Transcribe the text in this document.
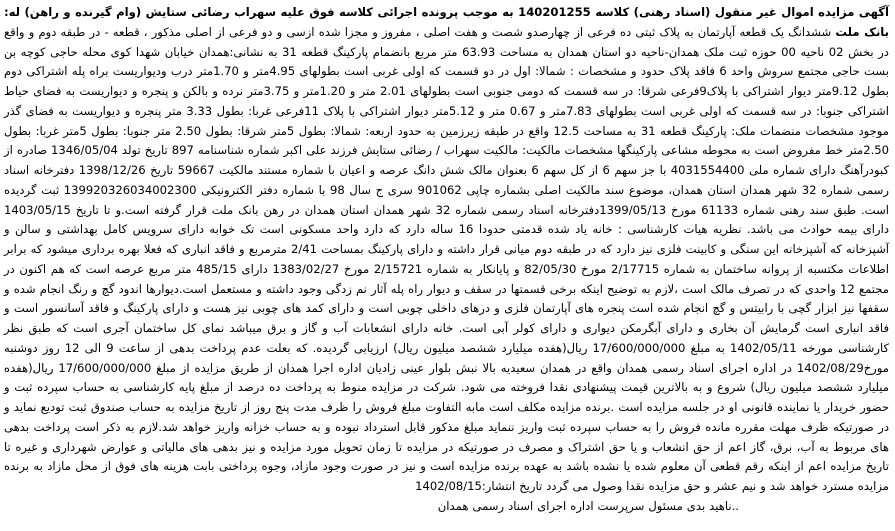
آگهی مزایده اموال غیر منقول (اسناد رهنی) کلاسه 140201255 به موجب پرونده اجرائی کلاسه فوق علیه سهراب رضائی ستایش (وام گیرنده و راهن) له: بانک ملت ششدانگ یک قطعه آپارتمان به پلاک ثبتی ده فرعی از چهارصدو شصت و هفت اصلی ، مفروز و مجزا شده ازسی و دو فرعی از اصلی مذکور ، قطعه - در طبقه دوم و واقع در بخش 02 ناحیه 00 حوزه ثبت ملک همدان-ناحیه دو استان همدان به مساحت 63.93 متر مربع بانضمام پارکینگ قطعه 31 به نشانی:همدان خیابان شهدا کوی محله حاجی کوچه بن بست حاجی مجتمع سروش واحد 6 فاقد پلاک حدود و مشخصات : شمالا: اول در دو قسمت که اولی غربی است بطولهای 4.95متر و 1.70متر درب ودیواریست براه پله اشتراکی دوم بطول 9.12متر دیوار اشتراکی با پلاک9فرعی شرقا: در سه قسمت که دومی جنوبی است بطولهای 2.01 متر و 1.20متر و 3.75متر نرده و بالکن و پنجره و دیواریست به فضای حیاط اشتراکی جنوبا: در سه قسمت که اولی غربی است بطولهای 7.83متر و 0.67 متر و 5.12متر دیوار اشتراکی با پلاک 11فرعی غربا: بطول 3.33 متر پنجره و دیواریست به فضای گذر موجود مشخصات منضمات ملک: پارکینگ قطعه 31 به مساحت 12.5 واقع در طبقه زیرزمین به حدود اربعه: شمالا: بطول 5متر شرقا: بطول 2.50 متر جنوبا: بطول 5متر غربا: بطول 2.50متر خط مفروض است به محوطه مشاعی پارکینگها مشخصات مالکیت: مالکیت سهراب / رضائی ستایش فرزند علی اکبر شماره شناسنامه 897 تاریخ تولد 1346/05/04 صادره از کبودرآهنگ دارای شماره ملی 4031554400 با جز سهم 6 از کل سهم 6 بعنوان مالک شش دانگ عرصه و اعیان با شماره مستند مالکیت 59667 تاریخ 1398/12/26 دفترخانه اسناد رسمی شماره 32 شهر همدان استان همدان، موضوع سند مالکیت اصلی بشماره چاپی 901062 سری ج سال 98 با شماره دفتر الکترونیکی 139920326034002300 ثبت گردیده است. طبق سند رهنی شماره 61133 مورخ 1399/05/13دفترخانه اسناد رسمی شماره 32 شهر همدان استان همدان در رهن بانک ملت قرار گرفته است.و تا تاریخ 1403/05/15 دارای بیمه حوادث می باشد. نظریه هیات کارشناسی : خانه یاد شده قدمتی حدودا 16 ساله دارد که دارد واحد مسکونی است تک خوابه دارای سرویس کامل بهداشتی و سالن و آشپزخانه که آشپزخانه این سنگی و کابینت فلزی نیز دارد که در طبقه دوم میانی قرار داشته و دارای پارکینگ بمساحت 2/41 مترمربع و فاقد انباری که فعلا بهره برداری میشود که برابر اطلاعات مکتسبه از پروانه ساختمان به شماره 2/17715 مورخ 82/05/30 و پایانکار به شماره 2/15721 مورخ 1383/02/27 دارای 485/15 متر مربع عرصه است که هم اکنون در مجتمع 12 واحدی که در تصرف مالک است ،لازم به توضیح اینکه برخی قسمتها در سقف و دیوار راه پله آثار نم زدگی وجود داشته و مستعمل است.دیوارها اندود گچ و رنگ انجام شده و سقفها نیز ابزار گچی با رابیتس و گچ انجام شده است پنجره های آپارتمان فلزی و درهای داخلی چوبی است و دارای کمد های چوبی نیز هست و دارای پارکینگ و فاقد آسانسور است و فاقد انباری است گرمایش آن بخاری و دارای آبگرمکن دیواری و دارای کولر آبی است. خانه دارای انشعابات آب و گاز و برق میباشد نمای کل ساختمان آجری است که طبق نظر کارشناسی مورخه 1402/05/11 به مبلغ 17/600/000/000 ریال(هفده میلیارد ششصد میلیون ریال) ارزیابی گردیده. که بعلت عدم پرداخت بدهی از ساعت 9 الی 12 روز دوشنبه مورخ1402/08/29 در اداره اجرای اسناد رسمی همدان واقع در همدان سعیدیه بالا نبش بلوار عینی زادیان اداره اجرا همدان از طریق مزایده از مبلغ 17/600/000/000 ریال(هفده میلیارد ششصد میلیون ریال) شروع و به بالاترین قیمت پیشنهادی نقدا فروخته می شود. شرکت در مزایده منوط به پرداخت ده درصد از مبلغ پایه کارشناسی به حساب سپرده ثبت و حضور خریدار یا نماینده قانونی او در جلسه مزایده است .برنده مزایده مکلف است مابه التفاوت مبلغ فروش را ظرف مدت پنج روز از تاریخ مزایده به حساب صندوق ثبت تودیع نماید و در صورتیکه ظرف مهلت مقرره مانده فروش را به حساب سپرده ثبت واریز ننماید مبلغ مذکور قابل استرداد نبوده و به حساب خزانه واریز خواهد شد.لازم به ذکر است پرداخت بدهی های مربوط به آب، برق، گاز اعم از حق انشعاب و یا حق اشتراک و مصرف در صورتیکه در مزایده تا زمان تحویل مورد مزایده و نیز بدهی های مالیاتی و عوارض شهرداری و غیره تا تاریخ مزایده اعم از اینکه رقم قطعی آن معلوم شده یا نشده باشد به عهده برنده مزایده است و نیز در صورت وجود مازاد، وجوه پرداختی بابت هزینه های فوق از محل مازاد به برنده مزایده مسترد خواهد شد و نیم عشر و حق مزایده نقدا وصول می گردد تاریخ انتشار:1402/08/15
..ناهید بدی مسئول سرپرست اداره اجرای اسناد رسمی همدان
